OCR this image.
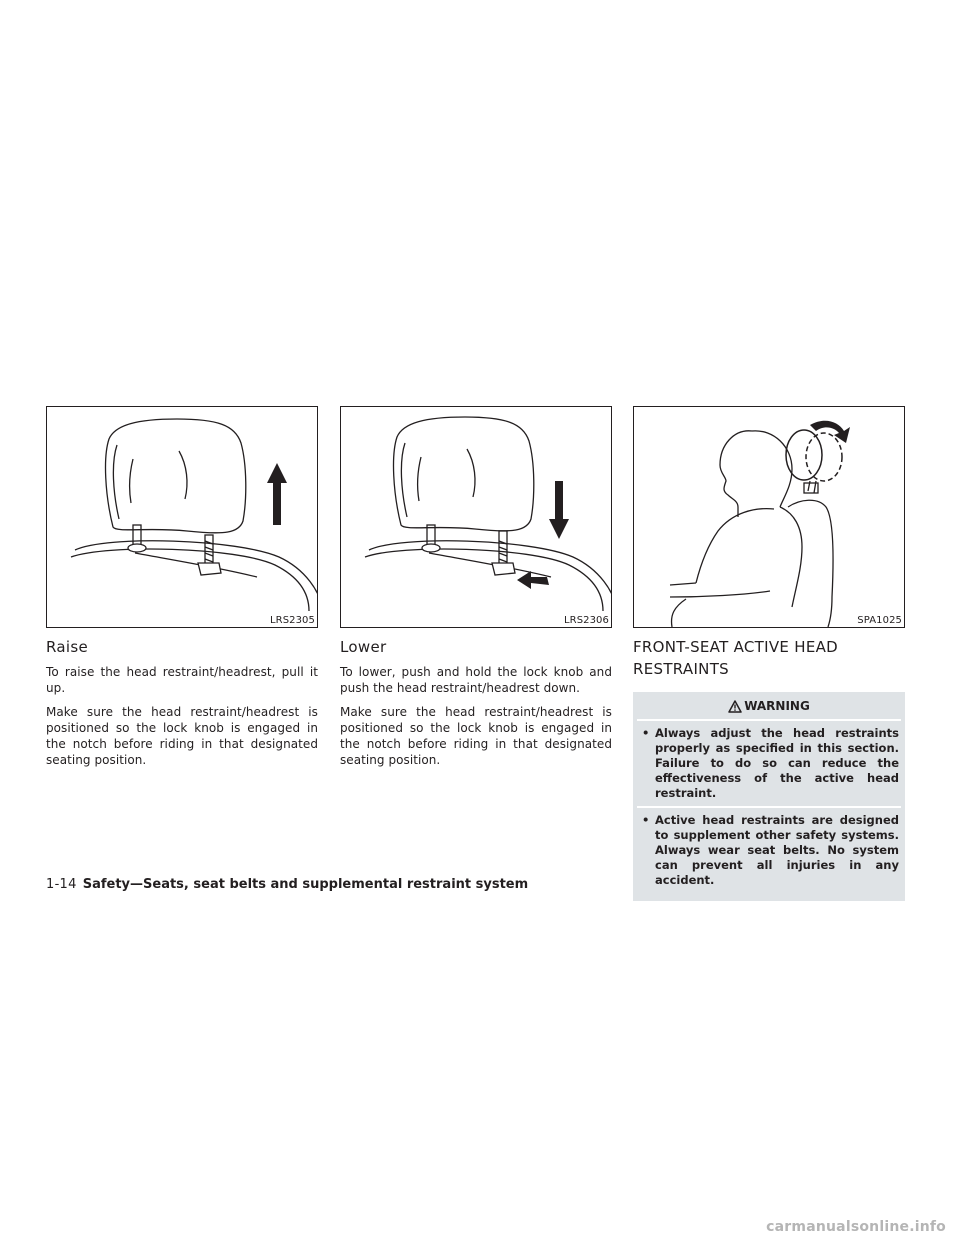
LRS2305
Raise

To raise the head restraint/headrest, pull it up.

Make sure the head restraint/headrest is positioned so the lock knob is engaged in the notch before riding in that designated seating position.

LRS2306
Lower

To lower, push and hold the lock knob and push the head restraint/headrest down.

Make sure the head restraint/headrest is positioned so the lock knob is engaged in the notch before riding in that designated seating position.

SPA1025
FRONT-SEAT ACTIVE HEAD RESTRAINTS
WARNING
• Always adjust the head restraints properly as specified in this section. Failure to do so can reduce the effectiveness of the active head restraint.
• Active head restraints are designed to supplement other safety systems. Always wear seat belts. No system can prevent all injuries in any accident.
1-14 Safety—Seats, seat belts and supplemental restraint system
carmanualsonline.info
